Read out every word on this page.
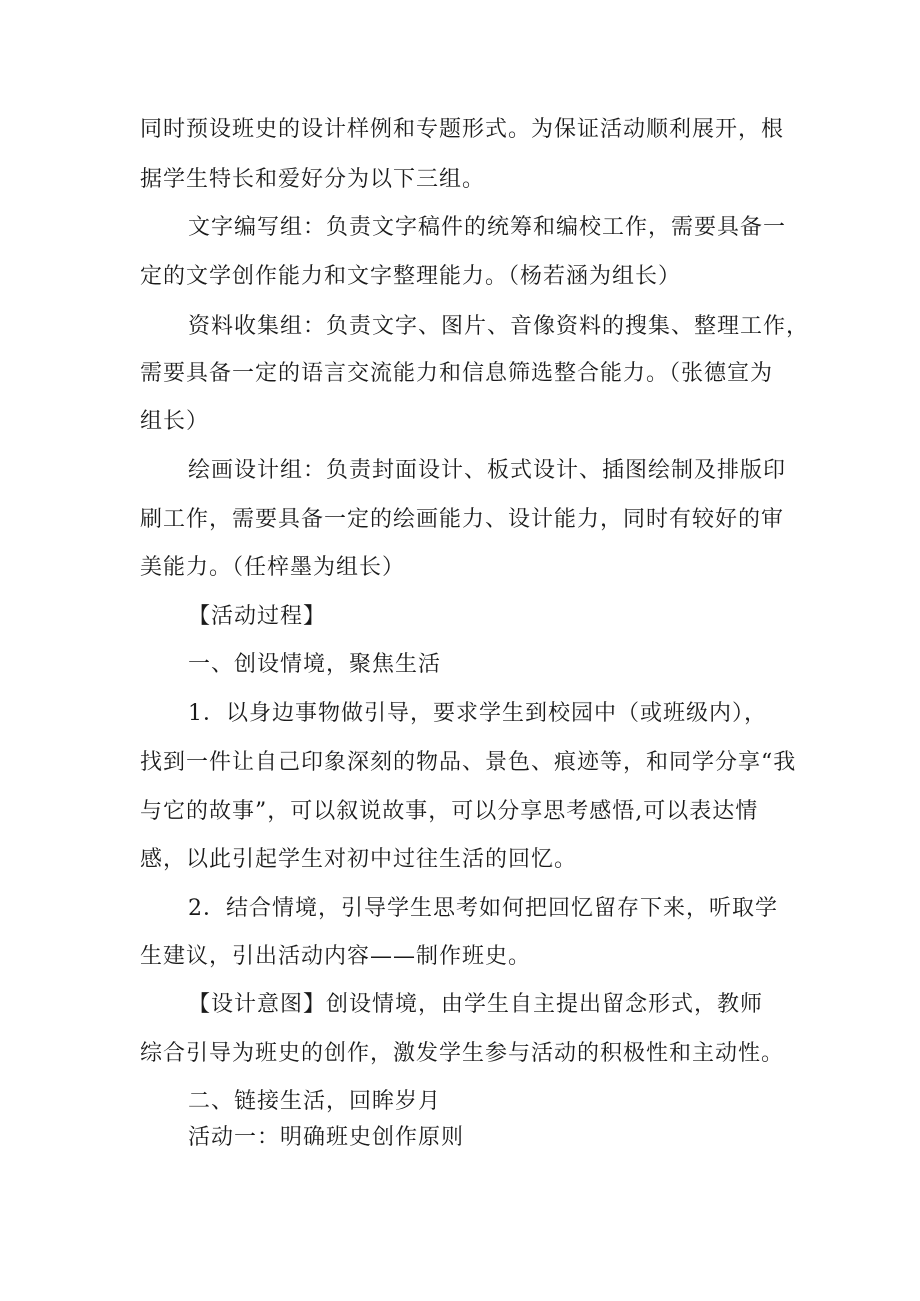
同时预设班史的设计样例和专题形式。为保证活动顺利展开，根
据学生特长和爱好分为以下三组。
文字编写组：负责文字稿件的统筹和编校工作，需要具备一
定的文学创作能力和文字整理能力。（杨若涵为组长）
资料收集组：负责文字、图片、音像资料的搜集、整理工作，
需要具备一定的语言交流能力和信息筛选整合能力。（张德宣为
组长）
绘画设计组：负责封面设计、板式设计、插图绘制及排版印
刷工作，需要具备一定的绘画能力、设计能力，同时有较好的审
美能力。（任梓墨为组长）
【活动过程】
一、创设情境，聚焦生活
1．以身边事物做引导，要求学生到校园中（或班级内），
找到一件让自己印象深刻的物品、景色、痕迹等，和同学分享“我
与它的故事”，可以叙说故事，可以分享思考感悟,可以表达情
感，以此引起学生对初中过往生活的回忆。
2．结合情境，引导学生思考如何把回忆留存下来，听取学
生建议，引出活动内容——制作班史。
【设计意图】创设情境，由学生自主提出留念形式，教师
综合引导为班史的创作，激发学生参与活动的积极性和主动性。
二、链接生活，回眸岁月
活动一：明确班史创作原则
